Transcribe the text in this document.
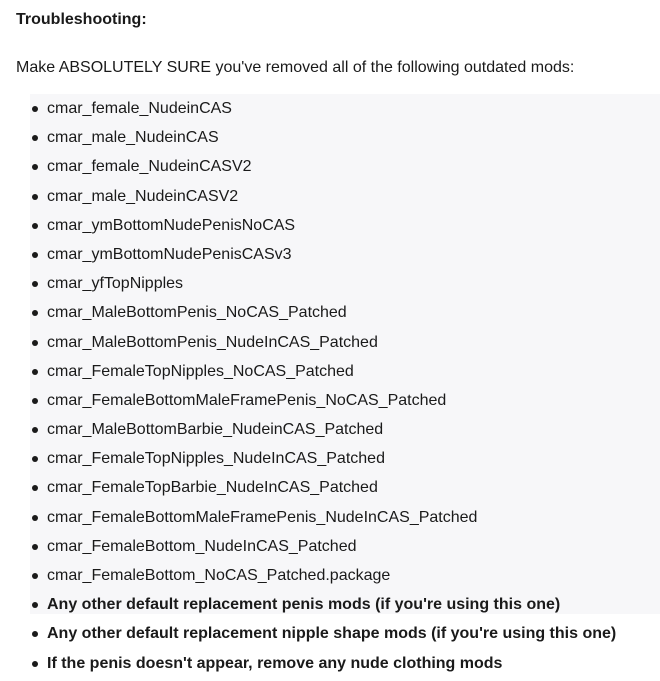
Troubleshooting:

Make ABSOLUTELY SURE you've removed all of the following outdated mods:

cmar_female_NudeinCAS
cmar_male_NudeinCAS
cmar_female_NudeinCASV2
cmar_male_NudeinCASV2
cmar_ymBottomNudePenisNoCAS
cmar_ymBottomNudePenisCASv3
cmar_yfTopNipples
cmar_MaleBottomPenis_NoCAS_Patched
cmar_MaleBottomPenis_NudeInCAS_Patched
cmar_FemaleTopNipples_NoCAS_Patched
cmar_FemaleBottomMaleFramePenis_NoCAS_Patched
cmar_MaleBottomBarbie_NudeinCAS_Patched
cmar_FemaleTopNipples_NudeInCAS_Patched
cmar_FemaleTopBarbie_NudeInCAS_Patched
cmar_FemaleBottomMaleFramePenis_NudeInCAS_Patched
cmar_FemaleBottom_NudeInCAS_Patched
cmar_FemaleBottom_NoCAS_Patched.package
Any other default replacement penis mods (if you're using this one)
Any other default replacement nipple shape mods (if you're using this one)
If the penis doesn't appear, remove any nude clothing mods
